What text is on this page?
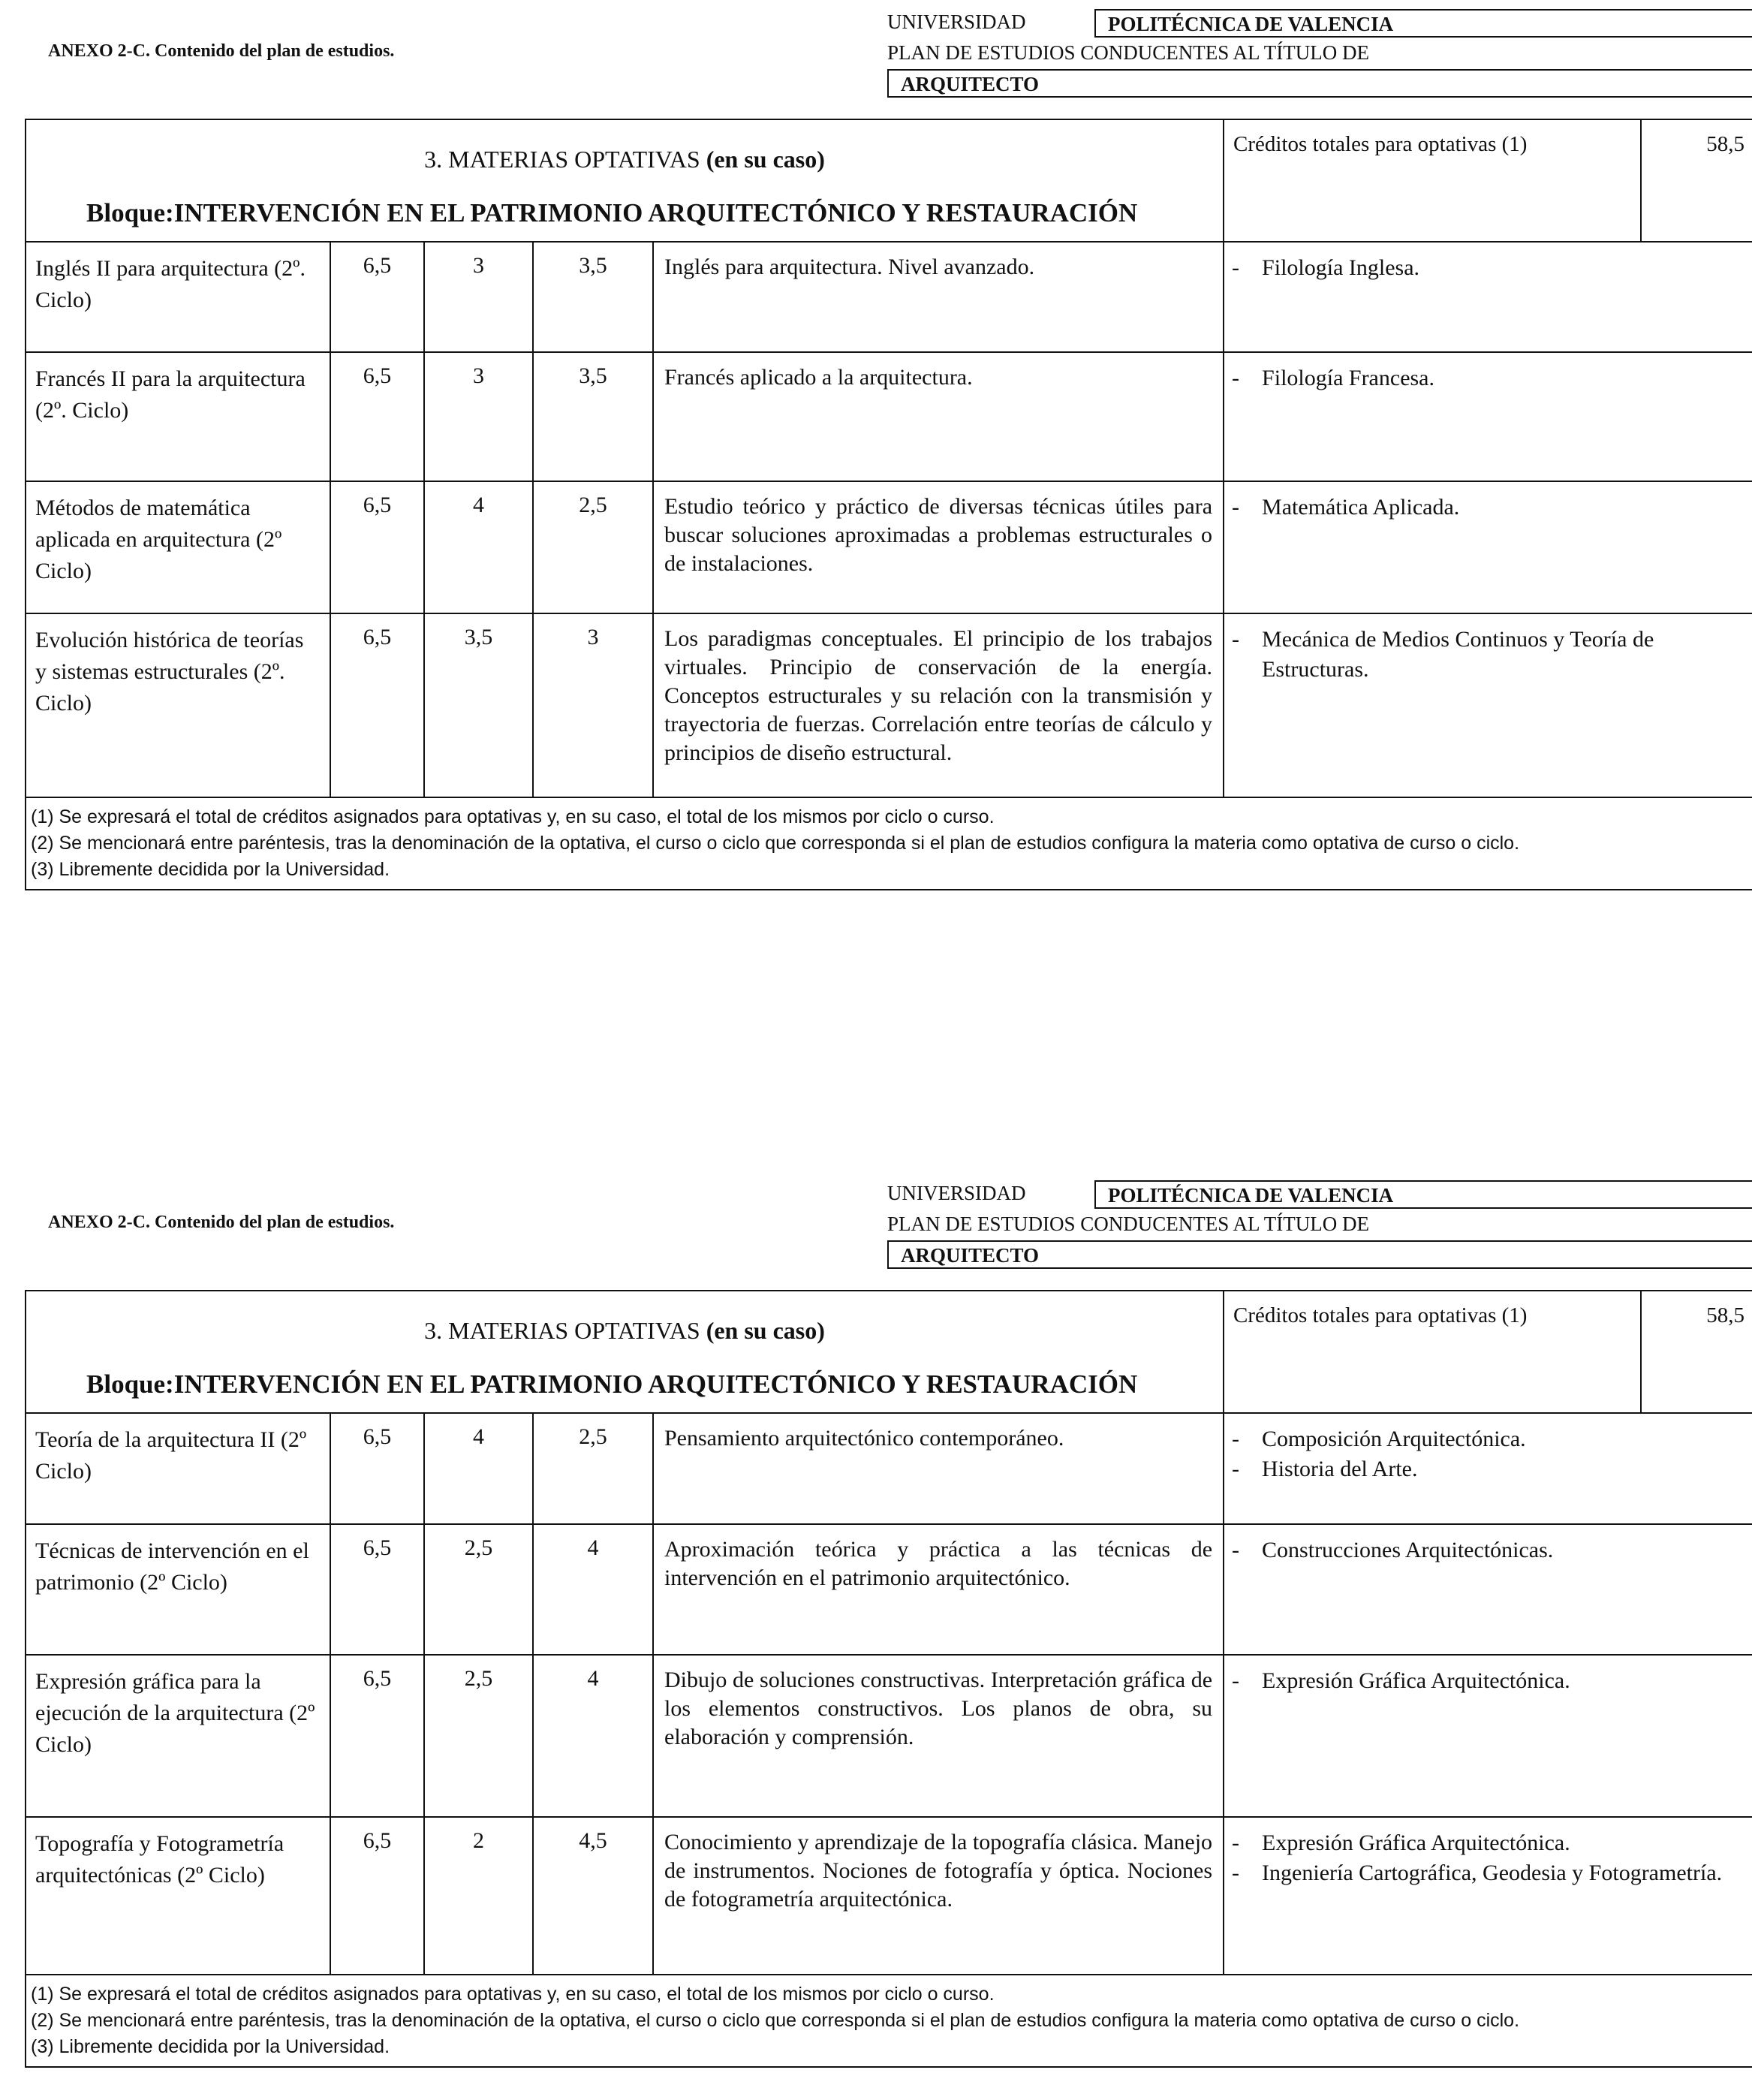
ANEXO 2-C. Contenido del plan de estudios.
UNIVERSIDAD	POLITÉCNICA DE VALENCIA
PLAN DE ESTUDIOS CONDUCENTES AL TÍTULO DE
ARQUITECTO
3. MATERIAS OPTATIVAS (en su caso)
Bloque:INTERVENCIÓN EN EL PATRIMONIO ARQUITECTÓNICO Y RESTAURACIÓN					Créditos totales para optativas (1)	58,5
Inglés II para arquitectura (2º. Ciclo)	6,5	3	3,5	Inglés para arquitectura. Nivel avanzado.	- Filología Inglesa.	

Francés II para la arquitectura (2º. Ciclo)	6,5	3	3,5	Francés aplicado a la arquitectura.	- Filología Francesa.	

Métodos de matemática aplicada en arquitectura (2º Ciclo)	6,5	4	2,5	Estudio teórico y práctico de diversas técnicas útiles para buscar soluciones aproximadas a problemas estructurales o de instalaciones.	- Matemática Aplicada.	

Evolución histórica de teorías y sistemas estructurales (2º. Ciclo)	6,5	3,5	3	Los paradigmas conceptuales. El principio de los trabajos virtuales. Principio de conservación de la energía. Conceptos estructurales y su relación con la transmisión y trayectoria de fuerzas. Correlación entre teorías de cálculo y principios de diseño estructural.	- Mecánica de Medios Continuos y Teoría de Estructuras.	

(1) Se expresará el total de créditos asignados para optativas y, en su caso, el total de los mismos por ciclo o curso.
(2) Se mencionará entre paréntesis, tras la denominación de la optativa, el curso o ciclo que corresponda si el plan de estudios configura la materia como optativa de curso o ciclo.
(3) Libremente decidida por la Universidad.						
ANEXO 2-C. Contenido del plan de estudios.
UNIVERSIDAD	POLITÉCNICA DE VALENCIA
PLAN DE ESTUDIOS CONDUCENTES AL TÍTULO DE
ARQUITECTO
3. MATERIAS OPTATIVAS (en su caso)
Bloque:INTERVENCIÓN EN EL PATRIMONIO ARQUITECTÓNICO Y RESTAURACIÓN					Créditos totales para optativas (1)	58,5
Teoría de la arquitectura II (2º Ciclo)	6,5	4	2,5	Pensamiento arquitectónico contemporáneo.	- Composición Arquitectónica.
- Historia del Arte.	

Técnicas de intervención en el patrimonio (2º Ciclo)	6,5	2,5	4	Aproximación teórica y práctica a las técnicas de intervención en el patrimonio arquitectónico.	- Construcciones Arquitectónicas.	

Expresión gráfica para la ejecución de la arquitectura (2º Ciclo)	6,5	2,5	4	Dibujo de soluciones constructivas. Interpretación gráfica de los elementos constructivos. Los planos de obra, su elaboración y comprensión.	- Expresión Gráfica Arquitectónica.	

Topografía y Fotogrametría arquitectónicas (2º Ciclo)	6,5	2	4,5	Conocimiento y aprendizaje de la topografía clásica. Manejo de instrumentos. Nociones de fotografía y óptica. Nociones de fotogrametría arquitectónica.	- Expresión Gráfica Arquitectónica.
- Ingeniería Cartográfica, Geodesia y Fotogrametría.	

(1) Se expresará el total de créditos asignados para optativas y, en su caso, el total de los mismos por ciclo o curso.
(2) Se mencionará entre paréntesis, tras la denominación de la optativa, el curso o ciclo que corresponda si el plan de estudios configura la materia como optativa de curso o ciclo.
(3) Libremente decidida por la Universidad.						
